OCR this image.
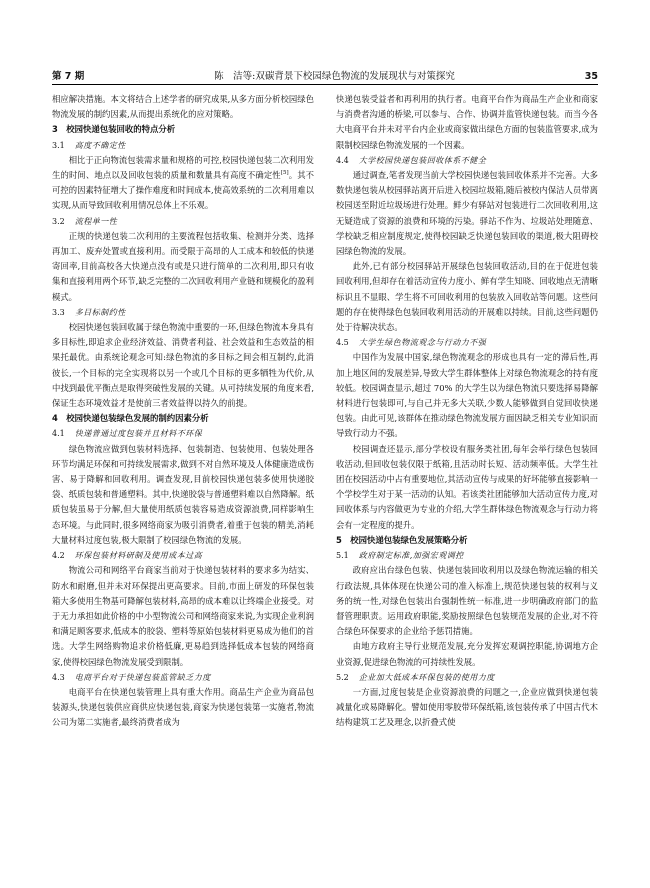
第 7 期	陈　洁等:双碳背景下校园绿色物流的发展现状与对策探究	35

相应解决措施。本文将结合上述学者的研究成果,从多方面分析校园绿色物流发展的制约因素,从而提出系统化的应对策略。

3　校园快递包装回收的特点分析
3.1 高度不确定性

相比于正向物流包装需求量和规格的可控,校园快递包装二次利用发生的时间、地点以及回收包装的质量和数量具有高度不确定性[5]。其不可控的因素特征增大了操作难度和时间成本,使高效系统的二次利用难以实现,从而导致回收利用情况总体上不乐观。

3.2 流程单一性

正规的快递包装二次利用的主要流程包括收集、检测并分类、选择再加工、废弃处置或直接利用。而受限于高昂的人工成本和较低的快递寄回率,目前高校各大快递点没有或是只进行简单的二次利用,即只有收集和直接利用两个环节,缺乏完整的二次回收利用产业链和规模化的盈利模式。

3.3 多目标制约性

校园快递包装回收属于绿色物流中重要的一环,但绿色物流本身具有多目标性,即追求企业经济效益、消费者利益、社会效益和生态效益的相果托最优。由系统论观念可知:绿色物流的多目标之间会相互制约,此消彼长,一个目标的完全实现将以另一个或几个目标的更多牺牲为代价,从中找到最优平衡点是取得突破性发展的关键。从可持续发展的角度来看,保证生态环境效益才是使前三者效益得以持久的前提。

4　校园快递包装绿色发展的制约因素分析
4.1 快递普通过度包装并且材料不环保

绿色物流应做到包装材料选择、包装制造、包装使用、包装处理各环节均满足环保和可持续发展需求,做到不对自然环境及人体健康造成伤害、易于降解和回收利用。调查发现,目前校园快递包装多使用快递胶袋、纸质包装和普通塑料。其中,快递胶袋与普通塑料难以自然降解。纸质包装虽易于分解,但大量使用纸质包装容易造成资源浪费,同样影响生态环境。与此同时,很多网络商家为吸引消费者,着重于包装的精美,消耗大量材料过度包装,极大限制了校园绿色物流的发展。

4.2 环保包装材料研制及使用成本过高

物流公司和网络平台商家当前对于快递包装材料的要求多为结实、防水和耐磨,但并未对环保提出更高要求。目前,市面上研发的环保包装箱大多使用生物基可降解包装材料,高昂的成本难以让终端企业接受。对于无力承担如此价格的中小型物流公司和网络商家来说,为实现企业利润和满足顾客要求,低成本的胶袋、塑料等原始包装材料更易成为他们的首选。大学生网络购物追求价格低廉,更易趋到选择低成本包装的网络商家,使得校园绿色物流发展受到限制。

4.3 电商平台对于快递包装监管缺乏力度

电商平台在快递包装管理上具有重大作用。商品生产企业为商品包装源头,快递包装供应商供应快递包装,商家为快递包装第一实施者,物流公司为第二实施者,最终消费者成为

快递包装受益者和再利用的执行者。电商平台作为商品生产企业和商家与消费者沟通的桥梁,可以参与、合作、协调并监管快递包装。而当今各大电商平台并未对平台内企业或商家做出绿色方面的包装监管要求,成为限制校园绿色物流发展的一个因素。

4.4 大学校园快递包装回收体系不健全

通过调查,笔者发现当前大学校园快递包装回收体系并不完善。大多数快递包装从校园驿站离开后进入校园垃圾箱,随后被校内保洁人员带离校园送至附近垃圾场进行处理。鲜少有驿站对包装进行二次回收利用,这无疑造成了资源的浪费和环境的污染。驿站不作为、垃圾站处理随意、学校缺乏相应制度规定,使得校园缺乏快递包装回收的渠道,极大阻碍校园绿色物流的发展。

此外,已有部分校园驿站开展绿色包装回收活动,目的在于促进包装回收利用,但却存在着活动宣传力度小、鲜有学生知晓、回收地点无清晰标识且不显眼、学生将不可回收利用的包装放入回收站等问题。这些问题的存在使得绿色包装回收利用活动的开展难以持续。目前,这些问题仍处于待解决状态。

4.5 大学生绿色物流观念与行动力不强

中国作为发展中国家,绿色物流观念的形成也具有一定的滞后性,再加上地区间的发展差异,导致大学生群体整体上对绿色物流观念的持有度较低。校园调查显示,超过 70% 的大学生以为绿色物流只要选择易降解材料进行包装即可,与自己并无多大关联,少数人能够做到自觉回收快递包装。由此可见,该群体在推动绿色物流发展方面因缺乏相关专业知识而导致行动力不强。

校园调查还显示,部分学校设有服务类社团,每年会举行绿色包装回收活动,但回收包装仅限于纸箱,且活动时长短、活动频率低。大学生社团在校园活动中占有重要地位,其活动宣传与成果的好坏能够直接影响一个学校学生对于某一活动的认知。若该类社团能够加大活动宣传力度,对回收体系与内容做更为专业的介绍,大学生群体绿色物流观念与行动力将会有一定程度的提升。

5　校园快递包装绿色发展策略分析
5.1 政府制定标准,加强宏观调控

政府应出台绿色包装、快递包装回收利用以及绿色物流运输的相关行政法规,具体体现在快递公司的准入标准上,规范快递包装的权利与义务的统一性,对绿色包装出台强制性统一标准,进一步明确政府部门的监督管理职责。运用政府职能,奖励按照绿色包装规范发展的企业,对不符合绿色环保要求的企业给予惩罚措施。

由地方政府主导行业规范发展,充分发挥宏观调控职能,协调地方企业资源,促进绿色物流的可持续性发展。

5.2 企业加大低成本环保包装的使用力度

一方面,过度包装是企业资源浪费的问题之一,企业应做到快递包装减量化或易降解化。譬如使用零胶带环保纸箱,该包装传承了中国古代木结构建筑工艺及理念,以折叠式使
